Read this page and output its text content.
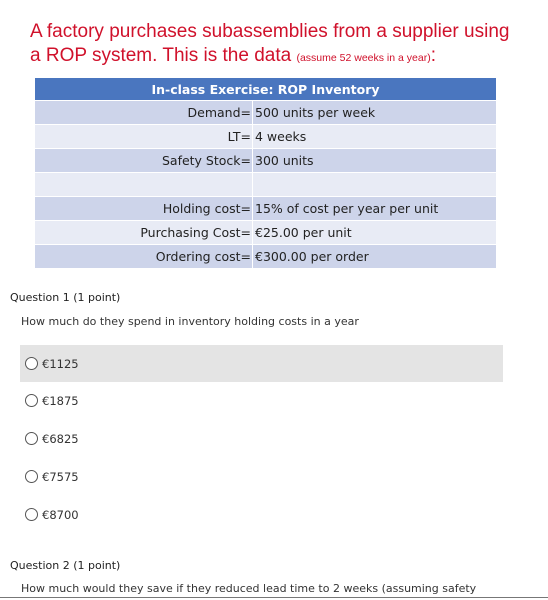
A factory purchases subassemblies from a supplier using
a ROP system. This is the data (assume 52 weeks in a year):
In-class Exercise: ROP Inventory	
Demand=	500 units per week
LT=	4 weeks
Safety Stock=	300 units

Holding cost=	15% of cost per year per unit
Purchasing Cost=	€25.00 per unit
Ordering cost=	€300.00 per order
Question 1 (1 point)
How much do they spend in inventory holding costs in a year
€1125
€1875
€6825
€7575
€8700
Question 2 (1 point)
How much would they save if they reduced lead time to 2 weeks (assuming safety
